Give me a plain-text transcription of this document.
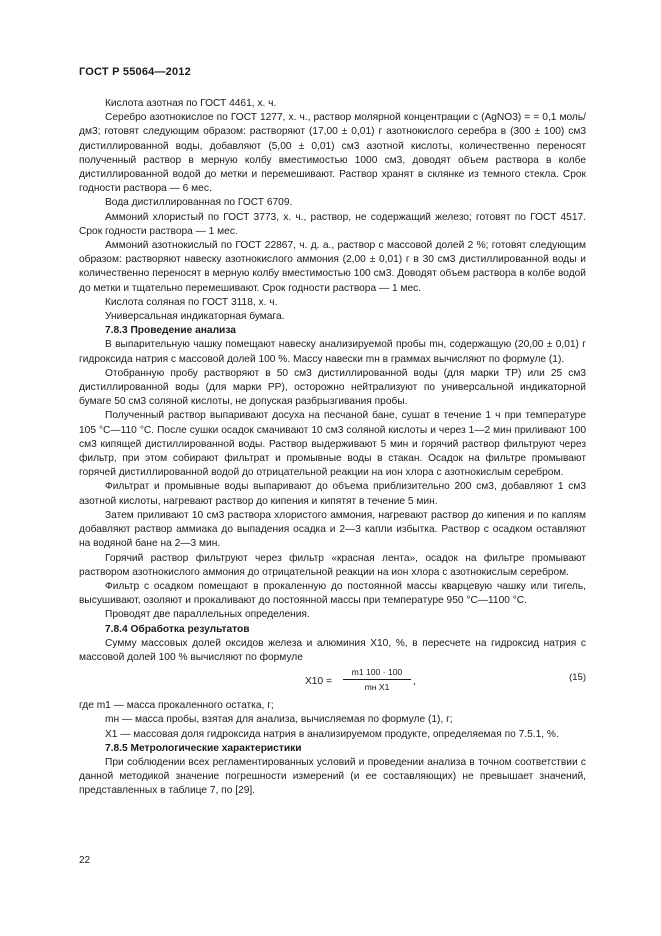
ГОСТ Р 55064—2012

Кислота азотная по ГОСТ 4461, х. ч.

Серебро азотнокислое по ГОСТ 1277, х. ч., раствор молярной концентрации c (AgNO3) = = 0,1 моль/дм3; готовят следующим образом: растворяют (17,00 ± 0,01) г азотнокислого серебра в (300 ± 100) см3 дистиллированной воды, добавляют (5,00 ± 0,01) см3 азотной кислоты, количественно переносят полученный раствор в мерную колбу вместимостью 1000 см3, доводят объем раствора в колбе дистиллированной водой до метки и перемешивают. Раствор хранят в склянке из темного стекла. Срок годности раствора — 6 мес.

Вода дистиллированная по ГОСТ 6709.

Аммоний хлористый по ГОСТ 3773, х. ч., раствор, не содержащий железо; готовят по ГОСТ 4517. Срок годности раствора — 1 мес.

Аммоний азотнокислый по ГОСТ 22867, ч. д. а., раствор с массовой долей 2 %; готовят следующим образом: растворяют навеску азотнокислого аммония (2,00 ± 0,01) г в 30 см3 дистиллированной воды и количественно переносят в мерную колбу вместимостью 100 см3. Доводят объем раствора в колбе водой до метки и тщательно перемешивают. Срок годности раствора — 1 мес.

Кислота соляная по ГОСТ 3118, х. ч.

Универсальная индикаторная бумага.

7.8.3 Проведение анализа

В выпарительную чашку помещают навеску анализируемой пробы mн, содержащую (20,00 ± 0,01) г гидроксида натрия с массовой долей 100 %. Массу навески mн в граммах вычисляют по формуле (1).

Отобранную пробу растворяют в 50 см3 дистиллированной воды (для марки ТР) или 25 см3 дистиллированной воды (для марки РР), осторожно нейтрализуют по универсальной индикаторной бумаге 50 см3 соляной кислоты, не допуская разбрызгивания пробы.

Полученный раствор выпаривают досуха на песчаной бане, сушат в течение 1 ч при температуре 105 °С—110 °С. После сушки осадок смачивают 10 см3 соляной кислоты и через 1—2 мин приливают 100 см3 кипящей дистиллированной воды. Раствор выдерживают 5 мин и горячий раствор фильтруют через фильтр, при этом собирают фильтрат и промывные воды в стакан. Осадок на фильтре промывают горячей дистиллированной водой до отрицательной реакции на ион хлора с азотнокислым серебром.

Фильтрат и промывные воды выпаривают до объема приблизительно 200 см3, добавляют 1 см3 азотной кислоты, нагревают раствор до кипения и кипятят в течение 5 мин.

Затем приливают 10 см3 раствора хлористого аммония, нагревают раствор до кипения и по каплям добавляют раствор аммиака до выпадения осадка и 2—3 капли избытка. Раствор с осадком оставляют на водяной бане на 2—3 мин.

Горячий раствор фильтруют через фильтр «красная лента», осадок на фильтре промывают раствором азотнокислого аммония до отрицательной реакции на ион хлора с азотнокислым серебром.

Фильтр с осадком помещают в прокаленную до постоянной массы кварцевую чашку или тигель, высушивают, озоляют и прокаливают до постоянной массы при температуре 950 °С—1100 °С.

Проводят две параллельных определения.

7.8.4 Обработка результатов

Сумму массовых долей оксидов железа и алюминия X10, %, в пересчете на гидроксид натрия с массовой долей 100 % вычисляют по формуле

X10 =
m1 100 · 100
mн X1	,	(15)

где m1 — масса прокаленного остатка, г;

mн — масса пробы, взятая для анализа, вычисляемая по формуле (1), г;

X1 — массовая доля гидроксида натрия в анализируемом продукте, определяемая по 7.5.1, %.

7.8.5 Метрологические характеристики

При соблюдении всех регламентированных условий и проведении анализа в точном соответствии с данной методикой значение погрешности измерений (и ее составляющих) не превышает значений, представленных в таблице 7, по [29].

22
